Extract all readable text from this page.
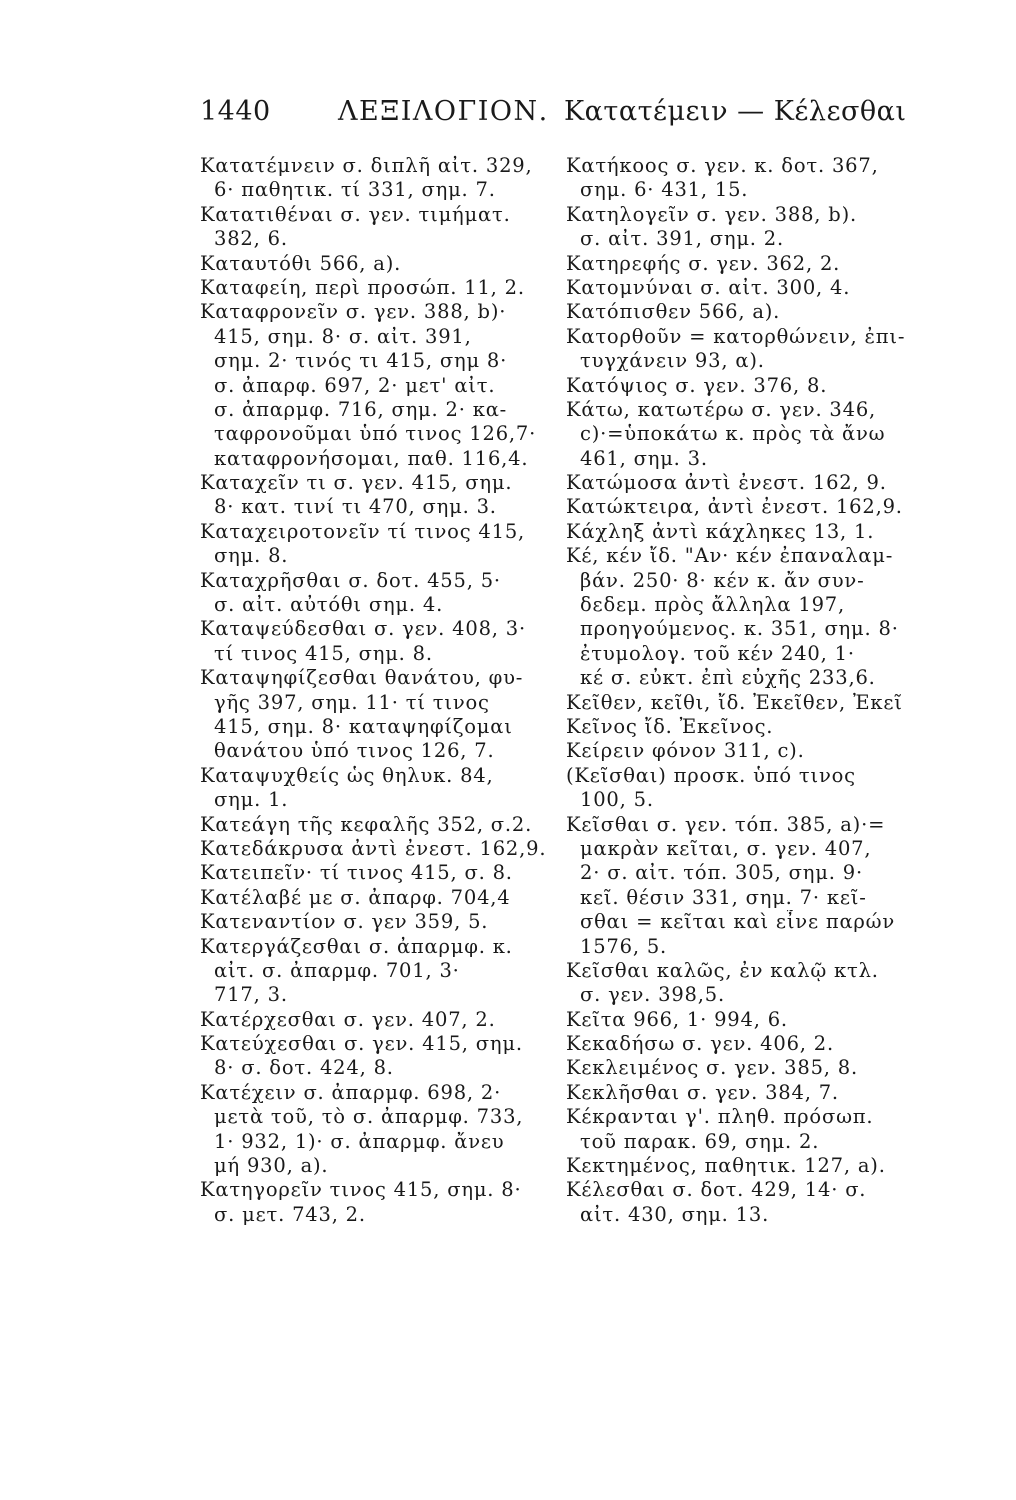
1440 ΛΕΞΙΛΟΓΙΟΝ. Κατατέμειν — Κέλεσθαι
Κατατέμνειν σ. διπλῆ αἰτ. 329,
6· παθητικ. τί 331, σημ. 7.
Κατατιθέναι σ. γεν. τιμήματ.
382, 6.
Καταυτόθι 566, a).
Καταφείη, περὶ προσώπ. 11, 2.
Καταφρονεῖν σ. γεν. 388, b)·
415, σημ. 8· σ. αἰτ. 391,
σημ. 2· τινός τι 415, σημ 8·
σ. ἀπαρφ. 697, 2· μετ' αἰτ.
σ. ἀπαρμφ. 716, σημ. 2· κα-
ταφρονοῦμαι ὑπό τινος 126,7·
καταφρονήσομαι, παθ. 116,4.
Καταχεῖν τι σ. γεν. 415, σημ.
8· κατ. τινί τι 470, σημ. 3.
Καταχειροτονεῖν τί τινος 415,
σημ. 8.
Καταχρῆσθαι σ. δοτ. 455, 5·
σ. αἰτ. αὐτόθι σημ. 4.
Καταψεύδεσθαι σ. γεν. 408, 3·
τί τινος 415, σημ. 8.
Καταψηφίζεσθαι θανάτου, φυ-
γῆς 397, σημ. 11· τί τινος
415, σημ. 8· καταψηφίζομαι
θανάτου ὑπό τινος 126, 7.
Καταψυχθείς ὡς θηλυκ. 84,
σημ. 1.
Κατεάγη τῆς κεφαλῆς 352, σ.2.
Κατεδάκρυσα ἀντὶ ἐνεστ. 162,9.
Κατειπεῖν· τί τινος 415, σ. 8.
Κατέλαβέ με σ. ἀπαρφ. 704,4
Κατεναντίον σ. γεν 359, 5.
Κατεργάζεσθαι σ. ἀπαρμφ. κ.
αἰτ. σ. ἀπαρμφ. 701, 3·
717, 3.
Κατέρχεσθαι σ. γεν. 407, 2.
Κατεύχεσθαι σ. γεν. 415, σημ.
8· σ. δοτ. 424, 8.
Κατέχειν σ. ἀπαρμφ. 698, 2·
μετὰ τοῦ, τὸ σ. ἀπαρμφ. 733,
1· 932, 1)· σ. ἀπαρμφ. ἄνευ
μή 930, a).
Κατηγορεῖν τινος 415, σημ. 8·
σ. μετ. 743, 2.
Κατήκοος σ. γεν. κ. δοτ. 367,
σημ. 6· 431, 15.
Κατηλογεῖν σ. γεν. 388, b).
σ. αἰτ. 391, σημ. 2.
Κατηρεφής σ. γεν. 362, 2.
Κατομνύναι σ. αἰτ. 300, 4.
Κατόπισθεν 566, a).
Κατορθοῦν = κατορθώνειν, ἐπι-
τυγχάνειν 93, α).
Κατόψιος σ. γεν. 376, 8.
Κάτω, κατωτέρω σ. γεν. 346,
c)·=ὑποκάτω κ. πρὸς τὰ ἄνω
461, σημ. 3.
Κατώμοσα ἀντὶ ἐνεστ. 162, 9.
Κατώκτειρα, ἀντὶ ἐνεστ. 162,9.
Κάχληξ ἀντὶ κάχληκες 13, 1.
Κέ, κέν ἴδ. "Αν· κέν ἐπαναλαμ-
βάν. 250· 8· κέν κ. ἄν συν-
δεδεμ. πρὸς ἄλληλα 197,
προηγούμενος. κ. 351, σημ. 8·
ἐτυμολογ. τοῦ κέν 240, 1·
κέ σ. εὐκτ. ἐπὶ εὐχῆς 233,6.
Κεῖθεν, κεῖθι, ἴδ. Ἐκεῖθεν, Ἐκεῖ
Κεῖνος ἴδ. Ἐκεῖνος.
Κείρειν φόνον 311, c).
(Κεῖσθαι) προσκ. ὑπό τινος
100, 5.
Κεῖσθαι σ. γεν. τόπ. 385, a)·=
μακρὰν κεῖται, σ. γεν. 407,
2· σ. αἰτ. τόπ. 305, σημ. 9·
κεῖ. θέσιν 331, σημ. 7· κεῖ-
σθαι = κεῖται καὶ εἶνε παρών
1576, 5.
Κεῖσθαι καλῶς, ἐν καλῷ κτλ.
σ. γεν. 398,5.
Κεῖτα 966, 1· 994, 6.
Κεκαδήσω σ. γεν. 406, 2.
Κεκλειμένος σ. γεν. 385, 8.
Κεκλῆσθαι σ. γεν. 384, 7.
Κέκρανται γ'. πληθ. πρόσωπ.
τοῦ παρακ. 69, σημ. 2.
Κεκτημένος, παθητικ. 127, a).
Κέλεσθαι σ. δοτ. 429, 14· σ.
αἰτ. 430, σημ. 13.
